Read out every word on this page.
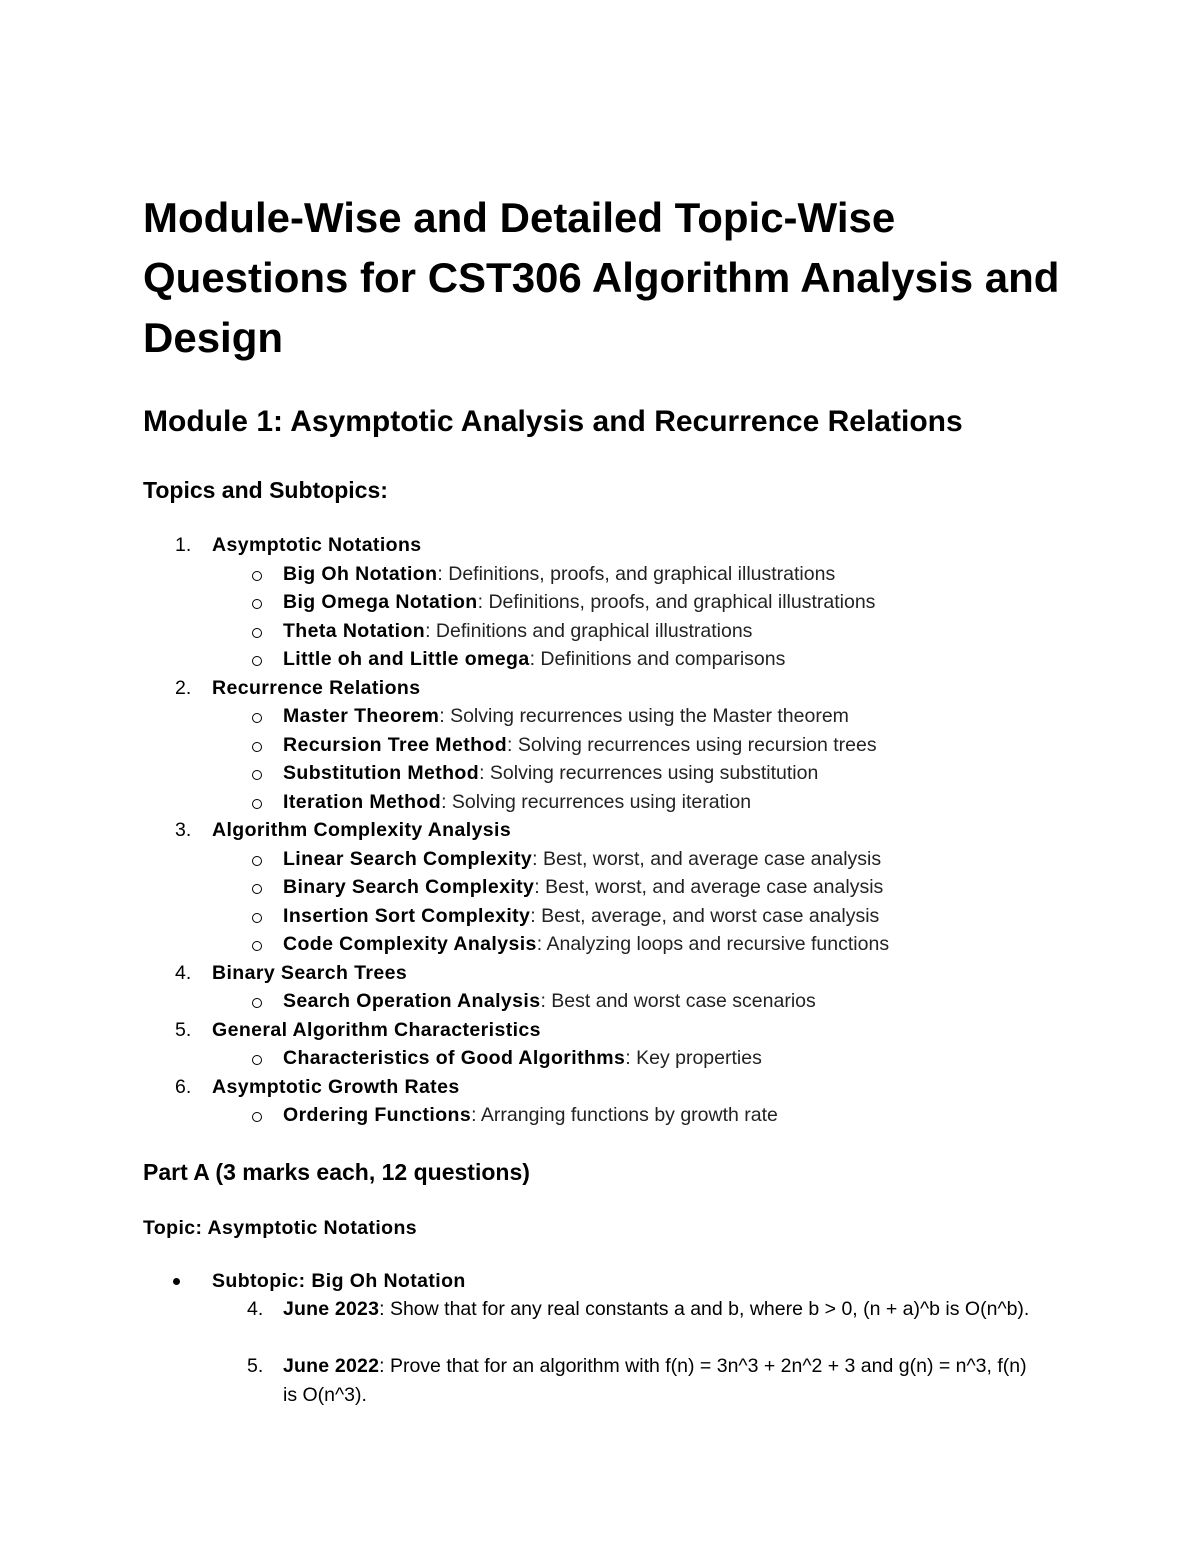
Module-Wise and Detailed Topic-Wise Questions for CST306 Algorithm Analysis and Design
Module 1: Asymptotic Analysis and Recurrence Relations
Topics and Subtopics:
1. Asymptotic Notations
Big Oh Notation: Definitions, proofs, and graphical illustrations
Big Omega Notation: Definitions, proofs, and graphical illustrations
Theta Notation: Definitions and graphical illustrations
Little oh and Little omega: Definitions and comparisons
2. Recurrence Relations
Master Theorem: Solving recurrences using the Master theorem
Recursion Tree Method: Solving recurrences using recursion trees
Substitution Method: Solving recurrences using substitution
Iteration Method: Solving recurrences using iteration
3. Algorithm Complexity Analysis
Linear Search Complexity: Best, worst, and average case analysis
Binary Search Complexity: Best, worst, and average case analysis
Insertion Sort Complexity: Best, average, and worst case analysis
Code Complexity Analysis: Analyzing loops and recursive functions
4. Binary Search Trees
Search Operation Analysis: Best and worst case scenarios
5. General Algorithm Characteristics
Characteristics of Good Algorithms: Key properties
6. Asymptotic Growth Rates
Ordering Functions: Arranging functions by growth rate
Part A (3 marks each, 12 questions)
Topic: Asymptotic Notations
Subtopic: Big Oh Notation
4. June 2023: Show that for any real constants a and b, where b > 0, (n + a)^b is O(n^b).
5. June 2022: Prove that for an algorithm with f(n) = 3n^3 + 2n^2 + 3 and g(n) = n^3, f(n) is O(n^3).
